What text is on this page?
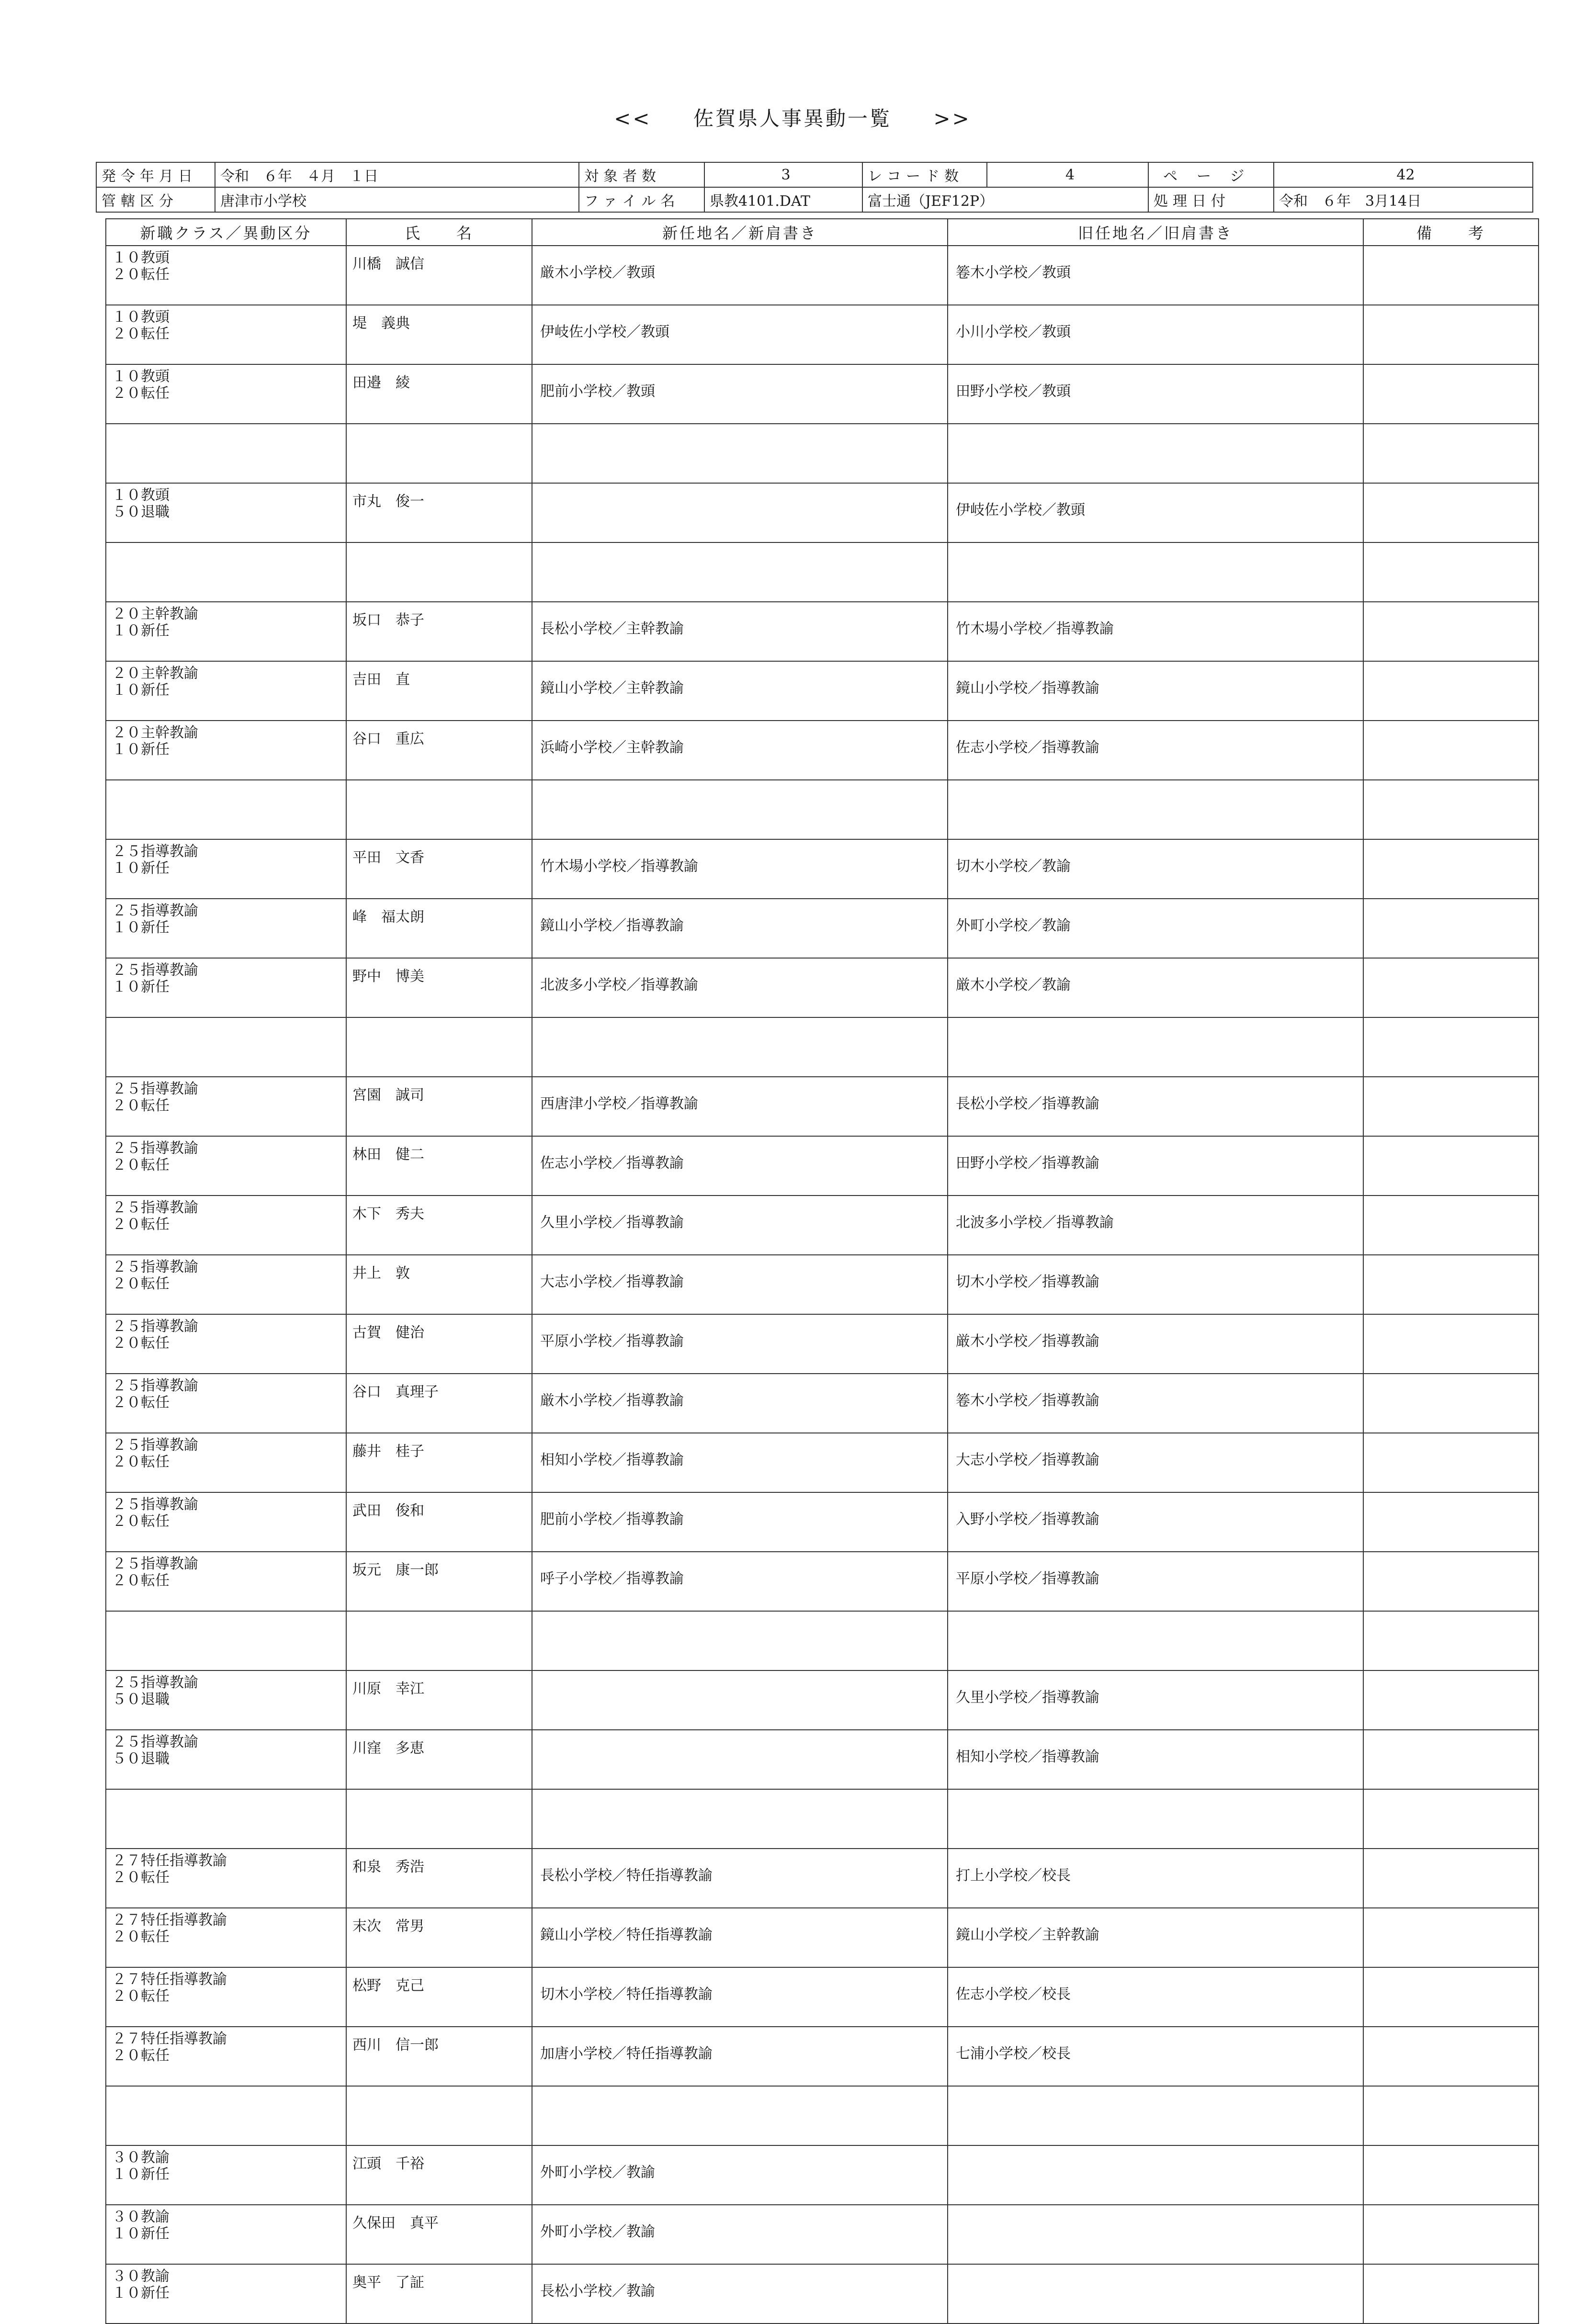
<< 佐賀県人事異動一覧 >>
発令年月日	令和　６年　４月　１日	対象者数	3	レコード数	4	ページ	42
管轄区分	唐津市小学校	ファイル名	県教4101.DAT	富士通（JEF12P）		処理日付	令和　６年　3月14日
新職クラス／異動区分	氏　　名	新任地名／新肩書き	旧任地名／旧肩書き	備　　考

１０教頭
２０転任	川橋　誠信	厳木小学校／教頭	箞木小学校／教頭	

１０教頭
２０転任	堤　義典	伊岐佐小学校／教頭	小川小学校／教頭	

１０教頭
２０転任	田邉　綾	肥前小学校／教頭	田野小学校／教頭	

１０教頭
５０退職	市丸　俊一		伊岐佐小学校／教頭	

２０主幹教諭
１０新任	坂口　恭子	長松小学校／主幹教諭	竹木場小学校／指導教諭	

２０主幹教諭
１０新任	吉田　直	鏡山小学校／主幹教諭	鏡山小学校／指導教諭	

２０主幹教諭
１０新任	谷口　重広	浜崎小学校／主幹教諭	佐志小学校／指導教諭	

２５指導教諭
１０新任	平田　文香	竹木場小学校／指導教諭	切木小学校／教諭	

２５指導教諭
１０新任	峰　福太朗	鏡山小学校／指導教諭	外町小学校／教諭	

２５指導教諭
１０新任	野中　博美	北波多小学校／指導教諭	厳木小学校／教諭	

２５指導教諭
２０転任	宮園　誠司	西唐津小学校／指導教諭	長松小学校／指導教諭	

２５指導教諭
２０転任	林田　健二	佐志小学校／指導教諭	田野小学校／指導教諭	

２５指導教諭
２０転任	木下　秀夫	久里小学校／指導教諭	北波多小学校／指導教諭	

２５指導教諭
２０転任	井上　敦	大志小学校／指導教諭	切木小学校／指導教諭	

２５指導教諭
２０転任	古賀　健治	平原小学校／指導教諭	厳木小学校／指導教諭	

２５指導教諭
２０転任	谷口　真理子	厳木小学校／指導教諭	箞木小学校／指導教諭	

２５指導教諭
２０転任	藤井　桂子	相知小学校／指導教諭	大志小学校／指導教諭	

２５指導教諭
２０転任	武田　俊和	肥前小学校／指導教諭	入野小学校／指導教諭	

２５指導教諭
２０転任	坂元　康一郎	呼子小学校／指導教諭	平原小学校／指導教諭	

２５指導教諭
５０退職	川原　幸江		久里小学校／指導教諭	

２５指導教諭
５０退職	川窪　多恵		相知小学校／指導教諭	

２７特任指導教諭
２０転任	和泉　秀浩	長松小学校／特任指導教諭	打上小学校／校長	

２７特任指導教諭
２０転任	末次　常男	鏡山小学校／特任指導教諭	鏡山小学校／主幹教諭	

２７特任指導教諭
２０転任	松野　克己	切木小学校／特任指導教諭	佐志小学校／校長	

２７特任指導教諭
２０転任	西川　信一郎	加唐小学校／特任指導教諭	七浦小学校／校長	

３０教諭
１０新任	江頭　千裕	外町小学校／教諭		

３０教諭
１０新任	久保田　真平	外町小学校／教諭		

３０教諭
１０新任	奥平　了証	長松小学校／教諭		
